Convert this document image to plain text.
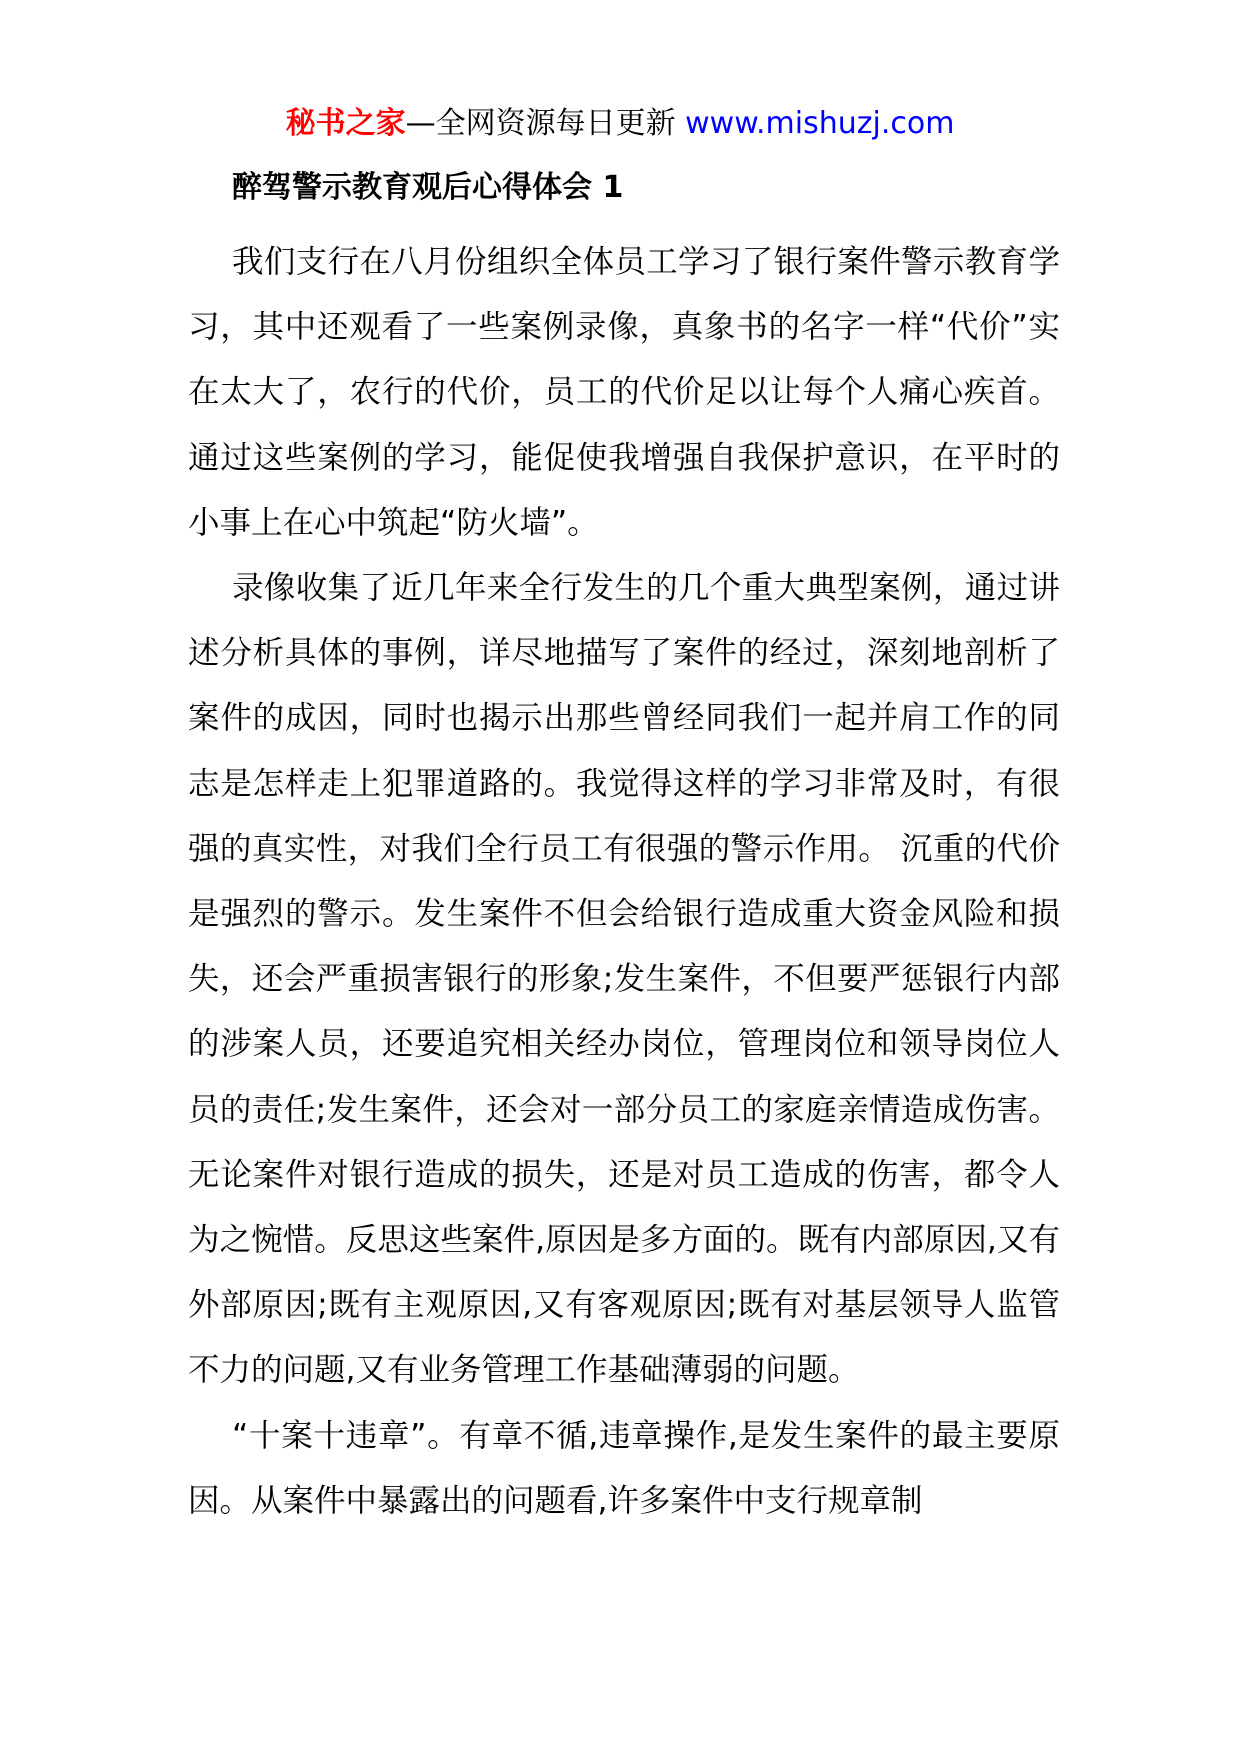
秘书之家—全网资源每日更新 www.mishuzj.com
醉驾警示教育观后心得体会 1

我们支行在八月份组织全体员工学习了银行案件警示教育学习，其中还观看了一些案例录像，真象书的名字一样“代价”实在太大了，农行的代价，员工的代价足以让每个人痛心疾首。通过这些案例的学习，能促使我增强自我保护意识，在平时的小事上在心中筑起“防火墙”。

录像收集了近几年来全行发生的几个重大典型案例，通过讲述分析具体的事例，详尽地描写了案件的经过，深刻地剖析了案件的成因，同时也揭示出那些曾经同我们一起并肩工作的同志是怎样走上犯罪道路的。我觉得这样的学习非常及时，有很强的真实性，对我们全行员工有很强的警示作用。 沉重的代价是强烈的警示。发生案件不但会给银行造成重大资金风险和损失，还会严重损害银行的形象;发生案件，不但要严惩银行内部的涉案人员，还要追究相关经办岗位，管理岗位和领导岗位人员的责任;发生案件，还会对一部分员工的家庭亲情造成伤害。无论案件对银行造成的损失，还是对员工造成的伤害，都令人为之惋惜。反思这些案件,原因是多方面的。既有内部原因,又有外部原因;既有主观原因,又有客观原因;既有对基层领导人监管不力的问题,又有业务管理工作基础薄弱的问题。

“十案十违章”。有章不循,违章操作,是发生案件的最主要原因。从案件中暴露出的问题看,许多案件中支行规章制
